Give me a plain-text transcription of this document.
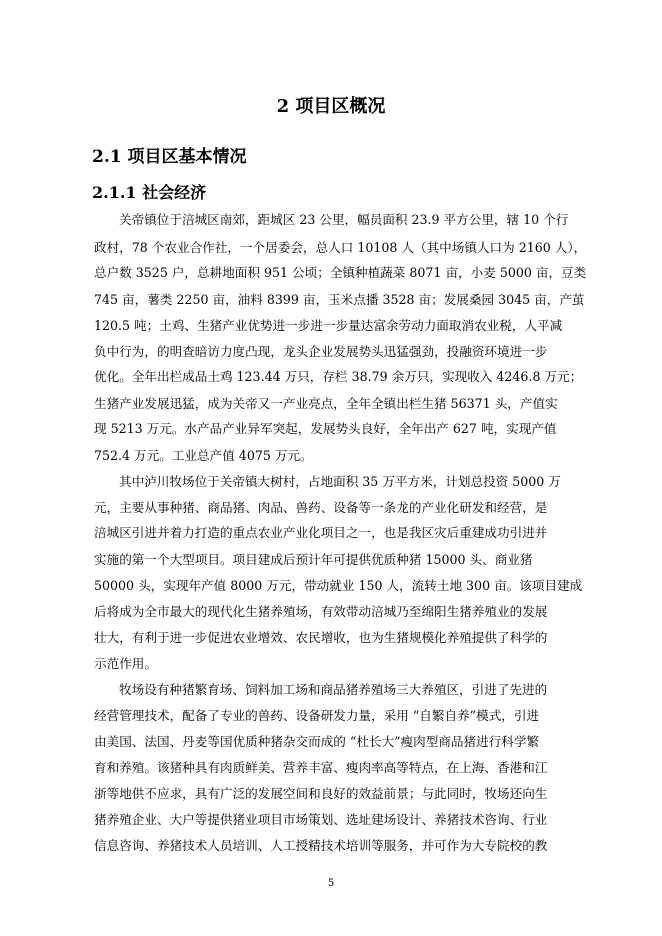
2 项目区概况
2.1 项目区基本情况
2.1.1 社会经济

关帝镇位于涪城区南郊，距城区 23 公里，幅员面积 23.9 平方公里，辖 10 个行

政村，78 个农业合作社，一个居委会，总人口 10108 人（其中场镇人口为 2160 人），

总户数 3525 户，总耕地面积 951 公顷；全镇种植蔬菜 8071 亩，小麦 5000 亩，豆类

745 亩，薯类 2250 亩，油料 8399 亩，玉米点播 3528 亩；发展桑园 3045 亩，产茧

120.5 吨；土鸡、生猪产业优势进一步进一步量达富余劳动力面取消农业税，人平减

负中行为，的明查暗访力度凸现，龙头企业发展势头迅猛强劲，投融资环境进一步

优化。全年出栏成品土鸡 123.44 万只，存栏 38.79 余万只，实现收入 4246.8 万元；

生猪产业发展迅猛，成为关帝又一产业亮点，全年全镇出栏生猪 56371 头，产值实

现 5213 万元。水产品产业异军突起，发展势头良好，全年出产 627 吨，实现产值

752.4 万元。工业总产值 4075 万元。

其中泸川牧场位于关帝镇大树村，占地面积 35 万平方米，计划总投资 5000 万

元，主要从事种猪、商品猪、肉品、兽药、设备等一条龙的产业化研发和经营，是

涪城区引进并着力打造的重点农业产业化项目之一，也是我区灾后重建成功引进并

实施的第一个大型项目。项目建成后预计年可提供优质种猪 15000 头、商业猪

50000 头，实现年产值 8000 万元，带动就业 150 人，流转土地 300 亩。该项目建成

后将成为全市最大的现代化生猪养殖场，有效带动涪城乃至绵阳生猪养殖业的发展

壮大，有利于进一步促进农业增效、农民增收，也为生猪规模化养殖提供了科学的

示范作用。

牧场设有种猪繁育场、饲料加工场和商品猪养殖场三大养殖区，引进了先进的

经营管理技术，配备了专业的兽药、设备研发力量，采用 “自繁自养”模式，引进

由美国、法国、丹麦等国优质种猪杂交而成的 “杜长大”瘦肉型商品猪进行科学繁

育和养殖。该猪种具有肉质鲜美、营养丰富、瘦肉率高等特点，在上海、香港和江

浙等地供不应求，具有广泛的发展空间和良好的效益前景；与此同时，牧场还向生

猪养殖企业、大户等提供猪业项目市场策划、选址建场设计、养猪技术咨询、行业

信息咨询、养猪技术人员培训、人工授精技术培训等服务，并可作为大专院校的教

5
